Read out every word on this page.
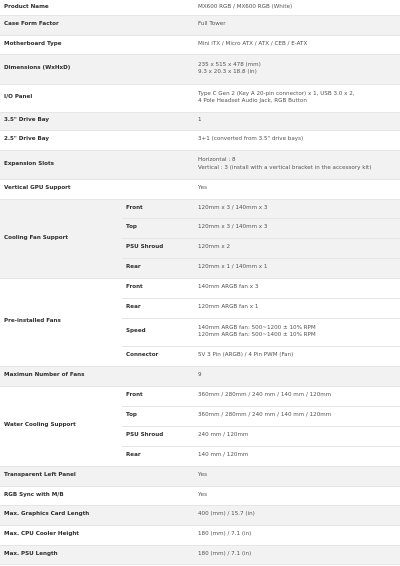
Product Name		MX600 RGB / MX600 RGB (White)

Case Form Factor		Full Tower

Motherboard Type		Mini iTX / Micro ATX / ATX / CEB / E-ATX

Dimensions (WxHxD)		235 x 515 x 478 (mm)
9.3 x 20.3 x 18.8 (in)

I/O Panel		Type C Gen 2 (Key A 20-pin connector) x 1, USB 3.0 x 2,
4 Pole Headset Audio Jack, RGB Button

3.5" Drive Bay		1

2.5" Drive Bay		3+1 (converted from 3.5" drive bays)

Expansion Slots		Horizontal : 8
Vertical : 3 (install with a vertical bracket in the accessory kit)

Vertical GPU Support		Yes

Cooling Fan Support	Front	120mm x 3 / 140mm x 3

	Top	120mm x 3 / 140mm x 3

	PSU Shroud	120mm x 2

	Rear	120mm x 1 / 140mm x 1

Pre-installed Fans	Front	140mm ARGB fan x 3

	Rear	120mm ARGB fan x 1

	Speed	140mm ARGB fan: 500~1200 ± 10% RPM
120mm ARGB fan: 500~1400 ± 10% RPM

	Connector	5V 3 Pin (ARGB) / 4 Pin PWM (Fan)

Maximun Number of Fans		9

Water Cooling Support	Front	360mm / 280mm / 240 mm / 140 mm / 120mm

	Top	360mm / 280mm / 240 mm / 140 mm / 120mm

	PSU Shroud	240 mm / 120mm

	Rear	140 mm / 120mm

Transparent Left Panel		Yes

RGB Sync with M/B		Yes

Max. Graphics Card Length		400 (mm) / 15.7 (in)

Max. CPU Cooler Height		180 (mm) / 7.1 (in)

Max. PSU Length		180 (mm) / 7.1 (in)
